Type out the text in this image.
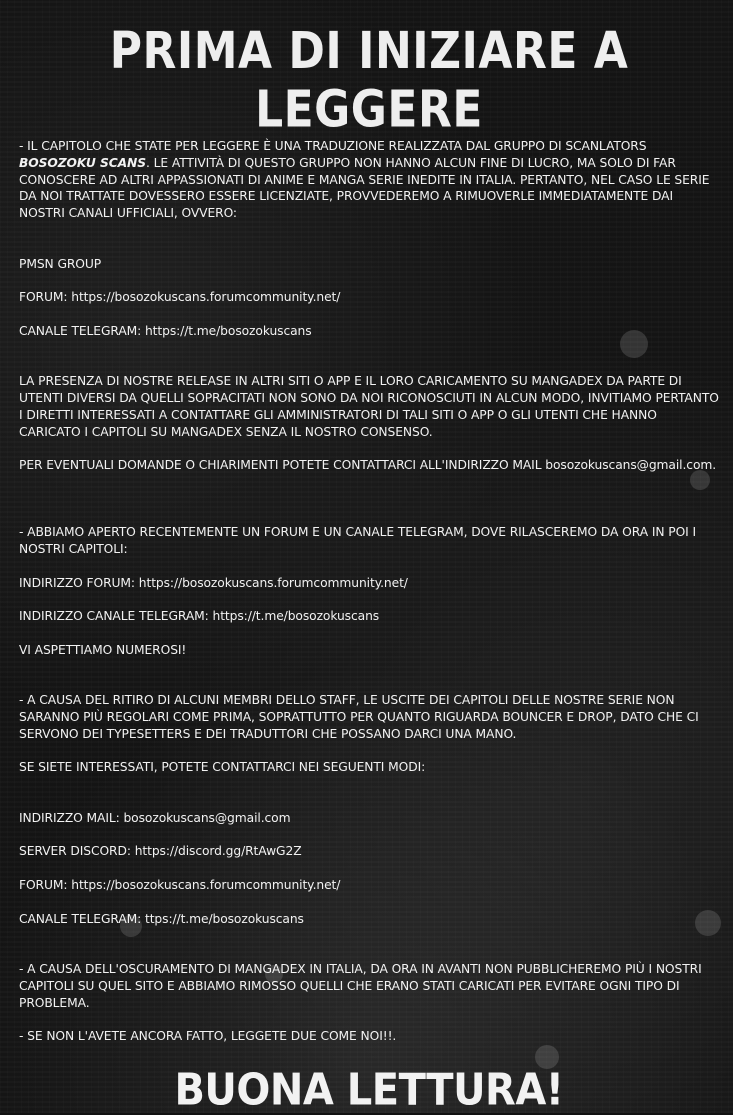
PRIMA DI INIZIARE A LEGGERE
- IL CAPITOLO CHE STATE PER LEGGERE È UNA TRADUZIONE REALIZZATA DAL GRUPPO DI SCANLATORS BOSOZOKU SCANS. LE ATTIVITÀ DI QUESTO GRUPPO NON HANNO ALCUN FINE DI LUCRO, MA SOLO DI FAR CONOSCERE AD ALTRI APPASSIONATI DI ANIME E MANGA SERIE INEDITE IN ITALIA. PERTANTO, NEL CASO LE SERIE DA NOI TRATTATE DOVESSERO ESSERE LICENZIATE, PROVVEDEREMO A RIMUOVERLE IMMEDIATAMENTE DAI NOSTRI CANALI UFFICIALI, OVVERO:

PMSN GROUP

FORUM: https://bosozokuscans.forumcommunity.net/

CANALE TELEGRAM: https://t.me/bosozokuscans

LA PRESENZA DI NOSTRE RELEASE IN ALTRI SITI O APP E IL LORO CARICAMENTO SU MANGADEX DA PARTE DI UTENTI DIVERSI DA QUELLI SOPRACITATI NON SONO DA NOI RICONOSCIUTI IN ALCUN MODO, INVITIAMO PERTANTO I DIRETTI INTERESSATI A CONTATTARE GLI AMMINISTRATORI DI TALI SITI O APP O GLI UTENTI CHE HANNO CARICATO I CAPITOLI SU MANGADEX SENZA IL NOSTRO CONSENSO.
PER EVENTUALI DOMANDE O CHIARIMENTI POTETE CONTATTARCI ALL'INDIRIZZO MAIL bosozokuscans@gmail.com.

- ABBIAMO APERTO RECENTEMENTE UN FORUM E UN CANALE TELEGRAM, DOVE RILASCEREMO DA ORA IN POI I NOSTRI CAPITOLI:

INDIRIZZO FORUM: https://bosozokuscans.forumcommunity.net/

INDIRIZZO CANALE TELEGRAM: https://t.me/bosozokuscans

VI ASPETTIAMO NUMEROSI!

- A CAUSA DEL RITIRO DI ALCUNI MEMBRI DELLO STAFF, LE USCITE DEI CAPITOLI DELLE NOSTRE SERIE NON SARANNO PIÙ REGOLARI COME PRIMA, SOPRATTUTTO PER QUANTO RIGUARDA BOUNCER E DROP, DATO CHE CI SERVONO DEI TYPESETTERS E DEI TRADUTTORI CHE POSSANO DARCI UNA MANO.
SE SIETE INTERESSATI, POTETE CONTATTARCI NEI SEGUENTI MODI:

INDIRIZZO MAIL: bosozokuscans@gmail.com

SERVER DISCORD: https://discord.gg/RtAwG2Z

FORUM: https://bosozokuscans.forumcommunity.net/

CANALE TELEGRAM: ttps://t.me/bosozokuscans

- A CAUSA DELL'OSCURAMENTO DI MANGADEX IN ITALIA, DA ORA IN AVANTI NON PUBBLICHEREMO PIÙ I NOSTRI CAPITOLI SU QUEL SITO E ABBIAMO RIMOSSO QUELLI CHE ERANO STATI CARICATI PER EVITARE OGNI TIPO DI PROBLEMA.
- SE NON L'AVETE ANCORA FATTO, LEGGETE DUE COME NOI!!.
BUONA LETTURA!
